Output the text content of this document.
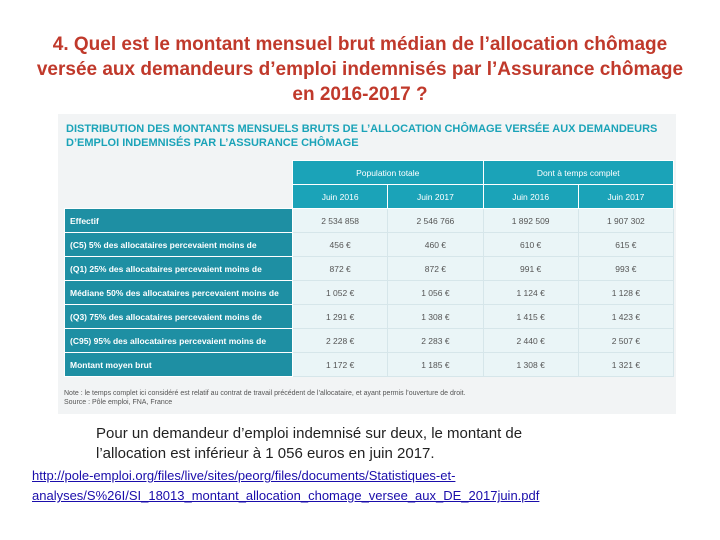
4. Quel est le montant mensuel brut médian de l’allocation chômage versée aux demandeurs d’emploi indemnisés par l’Assurance chômage en 2016-2017 ?
DISTRIBUTION DES MONTANTS MENSUELS BRUTS DE L’ALLOCATION CHÔMAGE VERSÉE AUX DEMANDEURS
D’EMPLOI INDEMNISÉS PAR L’ASSURANCE CHÔMAGE
	Population totale		Dont à temps complet	
	Juin 2016	Juin 2017	Juin 2016	Juin 2017
Effectif	2 534 858	2 546 766	1 892 509	1 907 302
(C5) 5% des allocataires percevaient moins de	456 €	460 €	610 €	615 €
(Q1) 25% des allocataires percevaient moins de	872 €	872 €	991 €	993 €
Médiane 50% des allocataires percevaient moins de	1 052 €	1 056 €	1 124 €	1 128 €
(Q3) 75% des allocataires percevaient moins de	1 291 €	1 308 €	1 415 €	1 423 €
(C95) 95% des allocataires percevaient moins de	2 228 €	2 283 €	2 440 €	2 507 €
Montant moyen brut	1 172 €	1 185 €	1 308 €	1 321 €
Note : le temps complet ici considéré est relatif au contrat de travail précédent de l’allocataire, et ayant permis l’ouverture de droit.
Source : Pôle emploi, FNA, France
Pour un demandeur d’emploi indemnisé sur deux, le montant de
l’allocation est inférieur à 1 056 euros en juin 2017.
http://pole-emploi.org/files/live/sites/peorg/files/documents/Statistiques-et-
analyses/S%26I/SI_18013_montant_allocation_chomage_versee_aux_DE_2017juin.pdf
